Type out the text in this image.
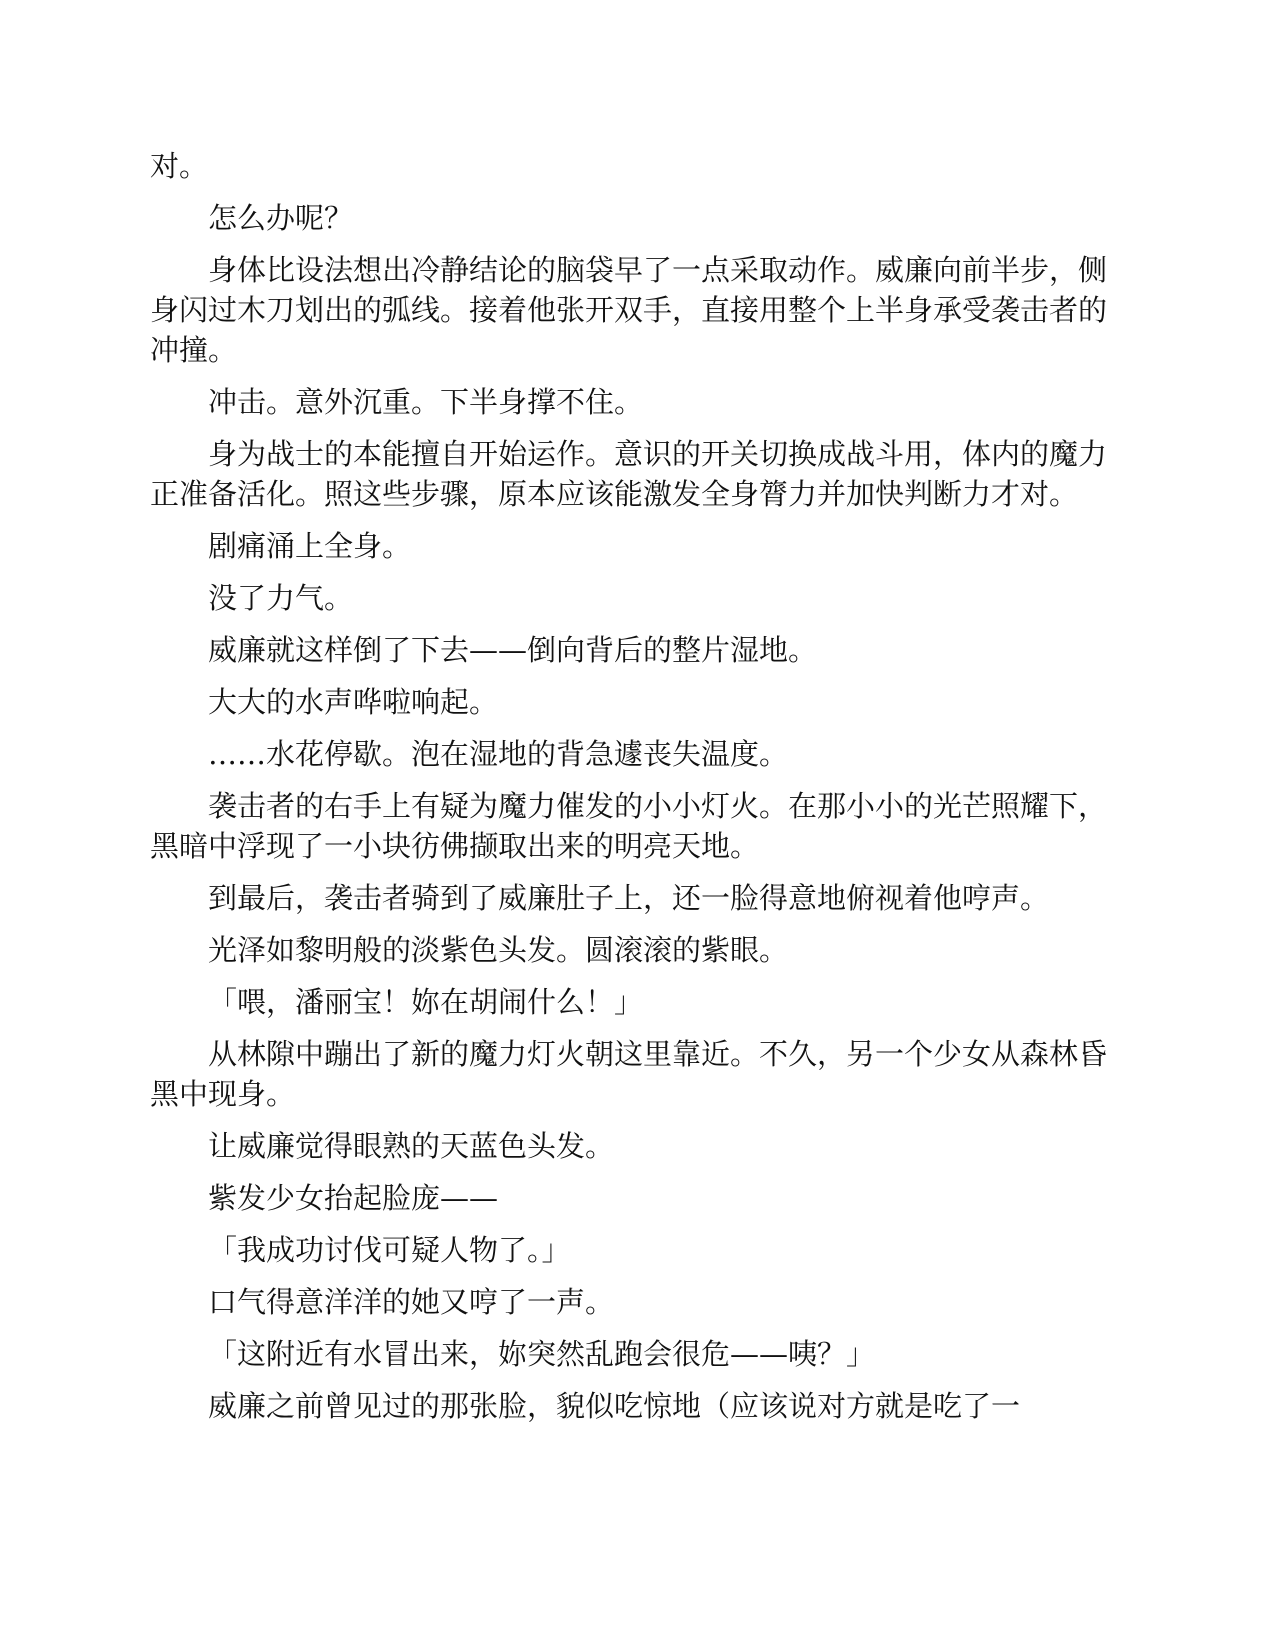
对。

怎么办呢？

身体比设法想出冷静结论的脑袋早了一点采取动作。威廉向前半步，侧身闪过木刀划出的弧线。接着他张开双手，直接用整个上半身承受袭击者的冲撞。

冲击。意外沉重。下半身撑不住。

身为战士的本能擅自开始运作。意识的开关切换成战斗用，体内的魔力正准备活化。照这些步骤，原本应该能激发全身膂力并加快判断力才对。

剧痛涌上全身。

没了力气。

威廉就这样倒了下去——倒向背后的整片湿地。

大大的水声哗啦响起。

……水花停歇。泡在湿地的背急遽丧失温度。

袭击者的右手上有疑为魔力催发的小小灯火。在那小小的光芒照耀下，黑暗中浮现了一小块彷佛撷取出来的明亮天地。

到最后，袭击者骑到了威廉肚子上，还一脸得意地俯视着他哼声。

光泽如黎明般的淡紫色头发。圆滚滚的紫眼。

「喂，潘丽宝！妳在胡闹什么！」

从林隙中蹦出了新的魔力灯火朝这里靠近。不久，另一个少女从森林昏黑中现身。

让威廉觉得眼熟的天蓝色头发。

紫发少女抬起脸庞——

「我成功讨伐可疑人物了。」

口气得意洋洋的她又哼了一声。

「这附近有水冒出来，妳突然乱跑会很危——咦？」

威廉之前曾见过的那张脸，貌似吃惊地（应该说对方就是吃了一
